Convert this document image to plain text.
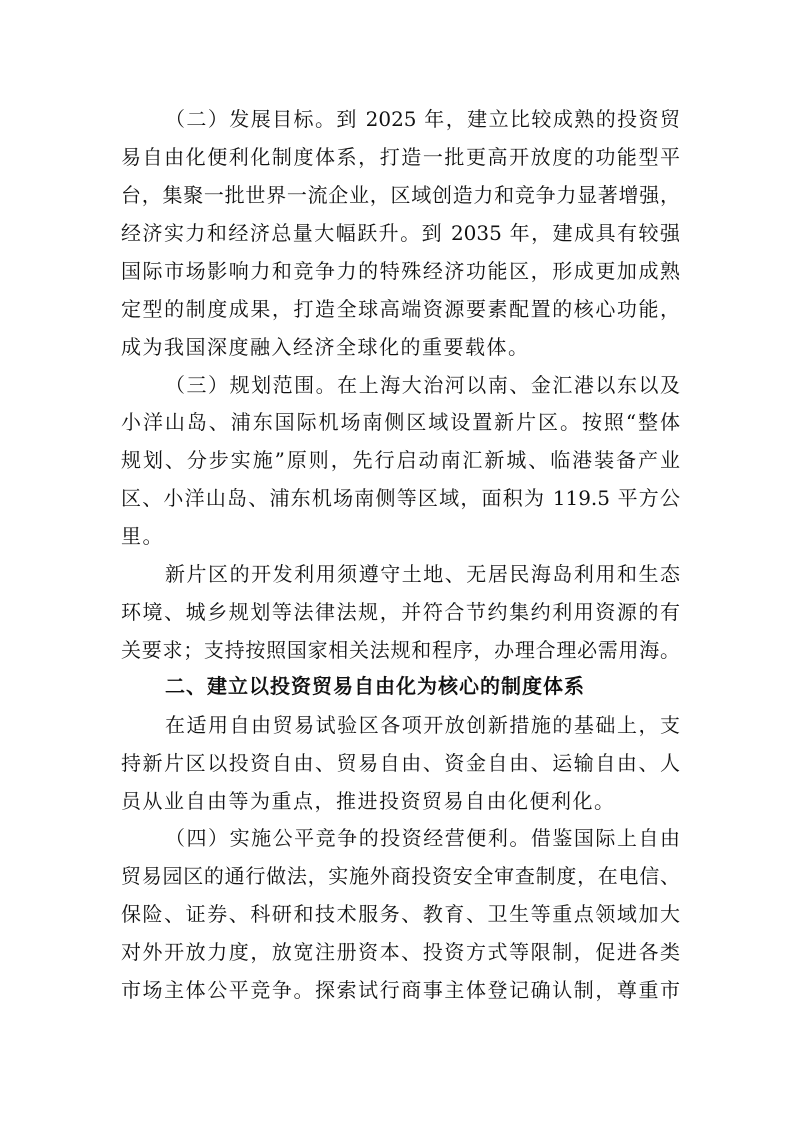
（二）发展目标。到 2025 年，建立比较成熟的投资贸
易自由化便利化制度体系，打造一批更高开放度的功能型平
台，集聚一批世界一流企业，区域创造力和竞争力显著增强，
经济实力和经济总量大幅跃升。到 2035 年，建成具有较强
国际市场影响力和竞争力的特殊经济功能区，形成更加成熟
定型的制度成果，打造全球高端资源要素配置的核心功能，
成为我国深度融入经济全球化的重要载体。
（三）规划范围。在上海大治河以南、金汇港以东以及
小洋山岛、浦东国际机场南侧区域设置新片区。按照“整体
规划、分步实施”原则，先行启动南汇新城、临港装备产业
区、小洋山岛、浦东机场南侧等区域，面积为 119.5 平方公
里。
新片区的开发利用须遵守土地、无居民海岛利用和生态
环境、城乡规划等法律法规，并符合节约集约利用资源的有
关要求；支持按照国家相关法规和程序，办理合理必需用海。
二、建立以投资贸易自由化为核心的制度体系
在适用自由贸易试验区各项开放创新措施的基础上，支
持新片区以投资自由、贸易自由、资金自由、运输自由、人
员从业自由等为重点，推进投资贸易自由化便利化。
（四）实施公平竞争的投资经营便利。借鉴国际上自由
贸易园区的通行做法，实施外商投资安全审查制度，在电信、
保险、证券、科研和技术服务、教育、卫生等重点领域加大
对外开放力度，放宽注册资本、投资方式等限制，促进各类
市场主体公平竞争。探索试行商事主体登记确认制，尊重市
